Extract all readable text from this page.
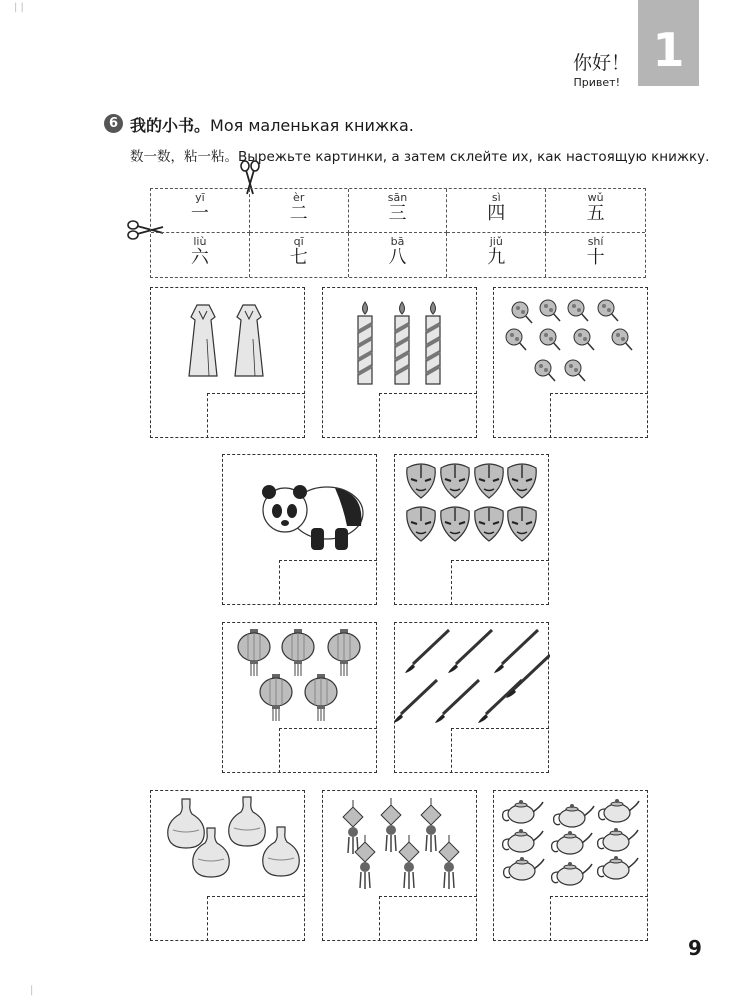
| |
|
你好！
Привет!
1
6 我的小书。Моя маленькая книжка.
数一数，粘一粘。Вырежьте картинки, а затем склейте их, как настоящую книжку.
yī
一
èr
二
sān
三
sì
四
wǔ
五
liù
六
qī
七
bā
八
jiǔ
九
shí
十
9
